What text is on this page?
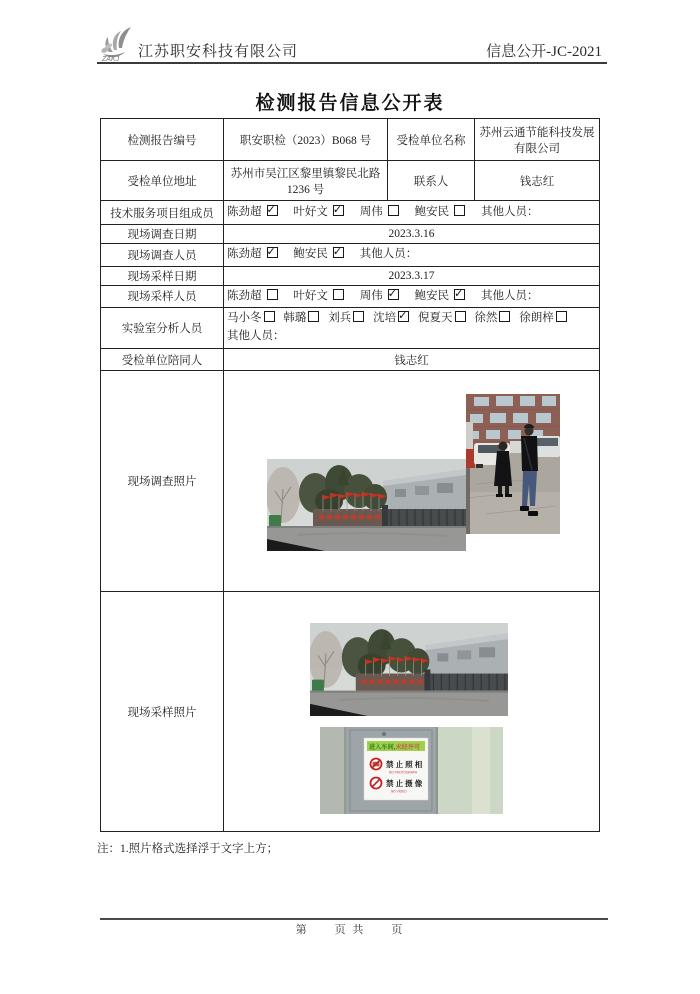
ZAKJ 江苏职安科技有限公司	信息公开-JC-2021
检测报告信息公开表
检测报告编号	职安职检（2023）B068 号	受检单位名称	苏州云通节能科技发展有限公司
受检单位地址	苏州市吴江区黎里镇黎民北路 1236 号	联系人	钱志红
技术服务项目组成员	陈劲超 ✓ 叶好文 ✓ 周伟 鲍安民 其他人员：
现场调查日期	2023.3.16		
现场调查人员	陈劲超 ✓ 鲍安民 ✓ 其他人员：
现场采样日期	2023.3.17		
现场采样人员	陈劲超 叶好文 周伟 ✓ 鲍安民 ✓ 其他人员：
实验室分析人员	马小冬 韩璐 刘兵 沈培 ✓ 倪夏天 徐然 徐朗梓
其他人员：
受检单位陪同人	钱志红		
现场调查照片	

现场采样照片	进入车间,未经许可
禁 止 照 相
NO PHOTOGRAPH
禁 止 摄 像
NO VIDEO		
注：1.照片格式选择浮于文字上方；
第　　页 共　　页
